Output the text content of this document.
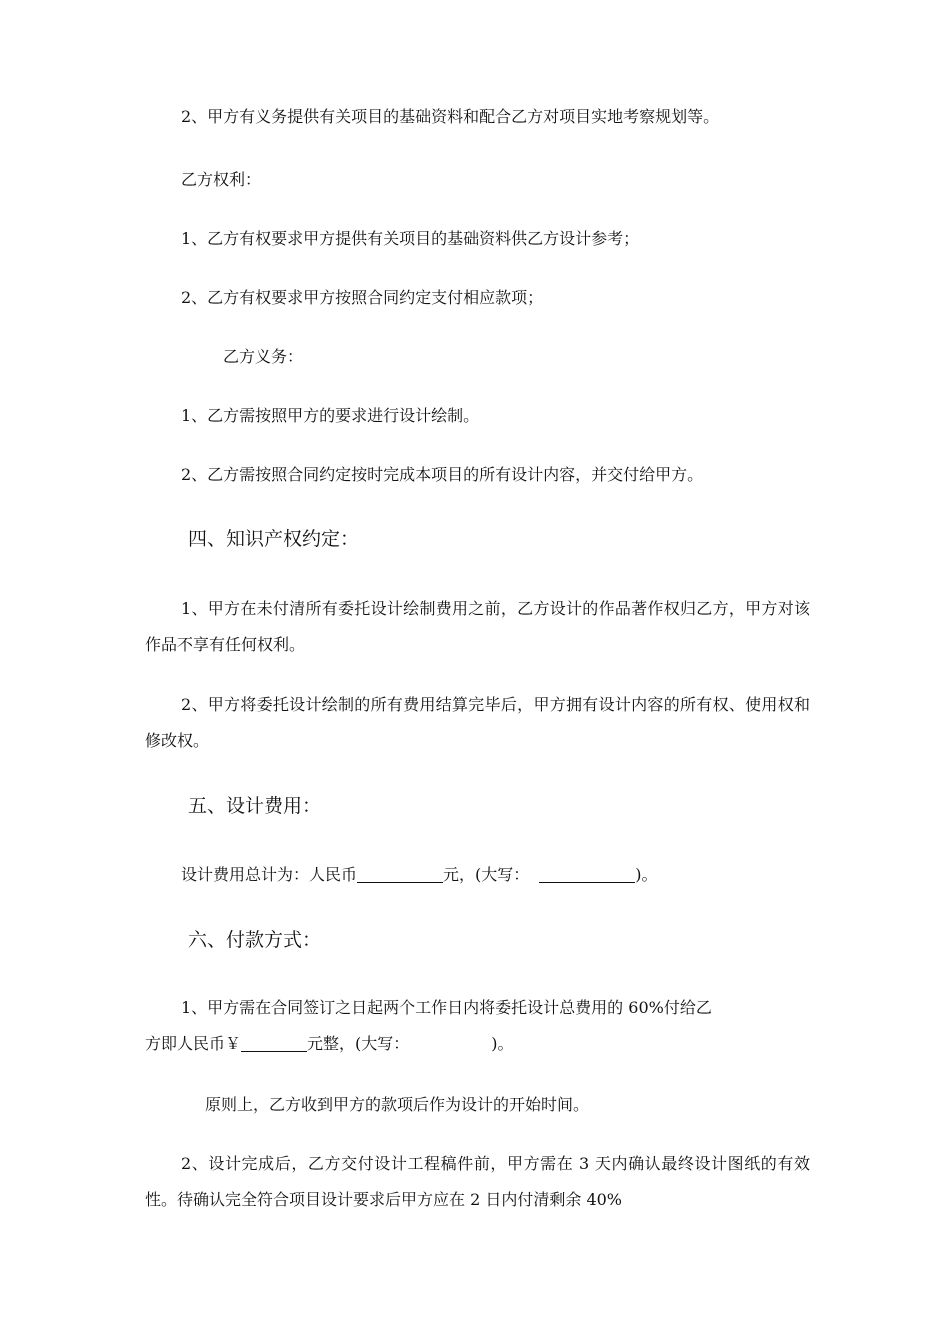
2、甲方有义务提供有关项目的基础资料和配合乙方对项目实地考察规划等。
乙方权利：
1、乙方有权要求甲方提供有关项目的基础资料供乙方设计参考；
2、乙方有权要求甲方按照合同约定支付相应款项；
乙方义务：
1、乙方需按照甲方的要求进行设计绘制。
2、乙方需按照合同约定按时完成本项目的所有设计内容，并交付给甲方。
四、知识产权约定：
1、甲方在未付清所有委托设计绘制费用之前，乙方设计的作品著作权归乙方，甲方对该作品不享有任何权利。
2、甲方将委托设计绘制的所有费用结算完毕后，甲方拥有设计内容的所有权、使用权和修改权。
五、设计费用：
设计费用总计为：人民币	元，(大写：	)。
六、付款方式：
1、甲方需在合同签订之日起两个工作日内将委托设计总费用的 60%付给乙
方即人民币￥	元整，(大写：	)。
原则上，乙方收到甲方的款项后作为设计的开始时间。
2、设计完成后，乙方交付设计工程稿件前，甲方需在 3 天内确认最终设计图纸的有效性。待确认完全符合项目设计要求后甲方应在 2 日内付清剩余 40%
